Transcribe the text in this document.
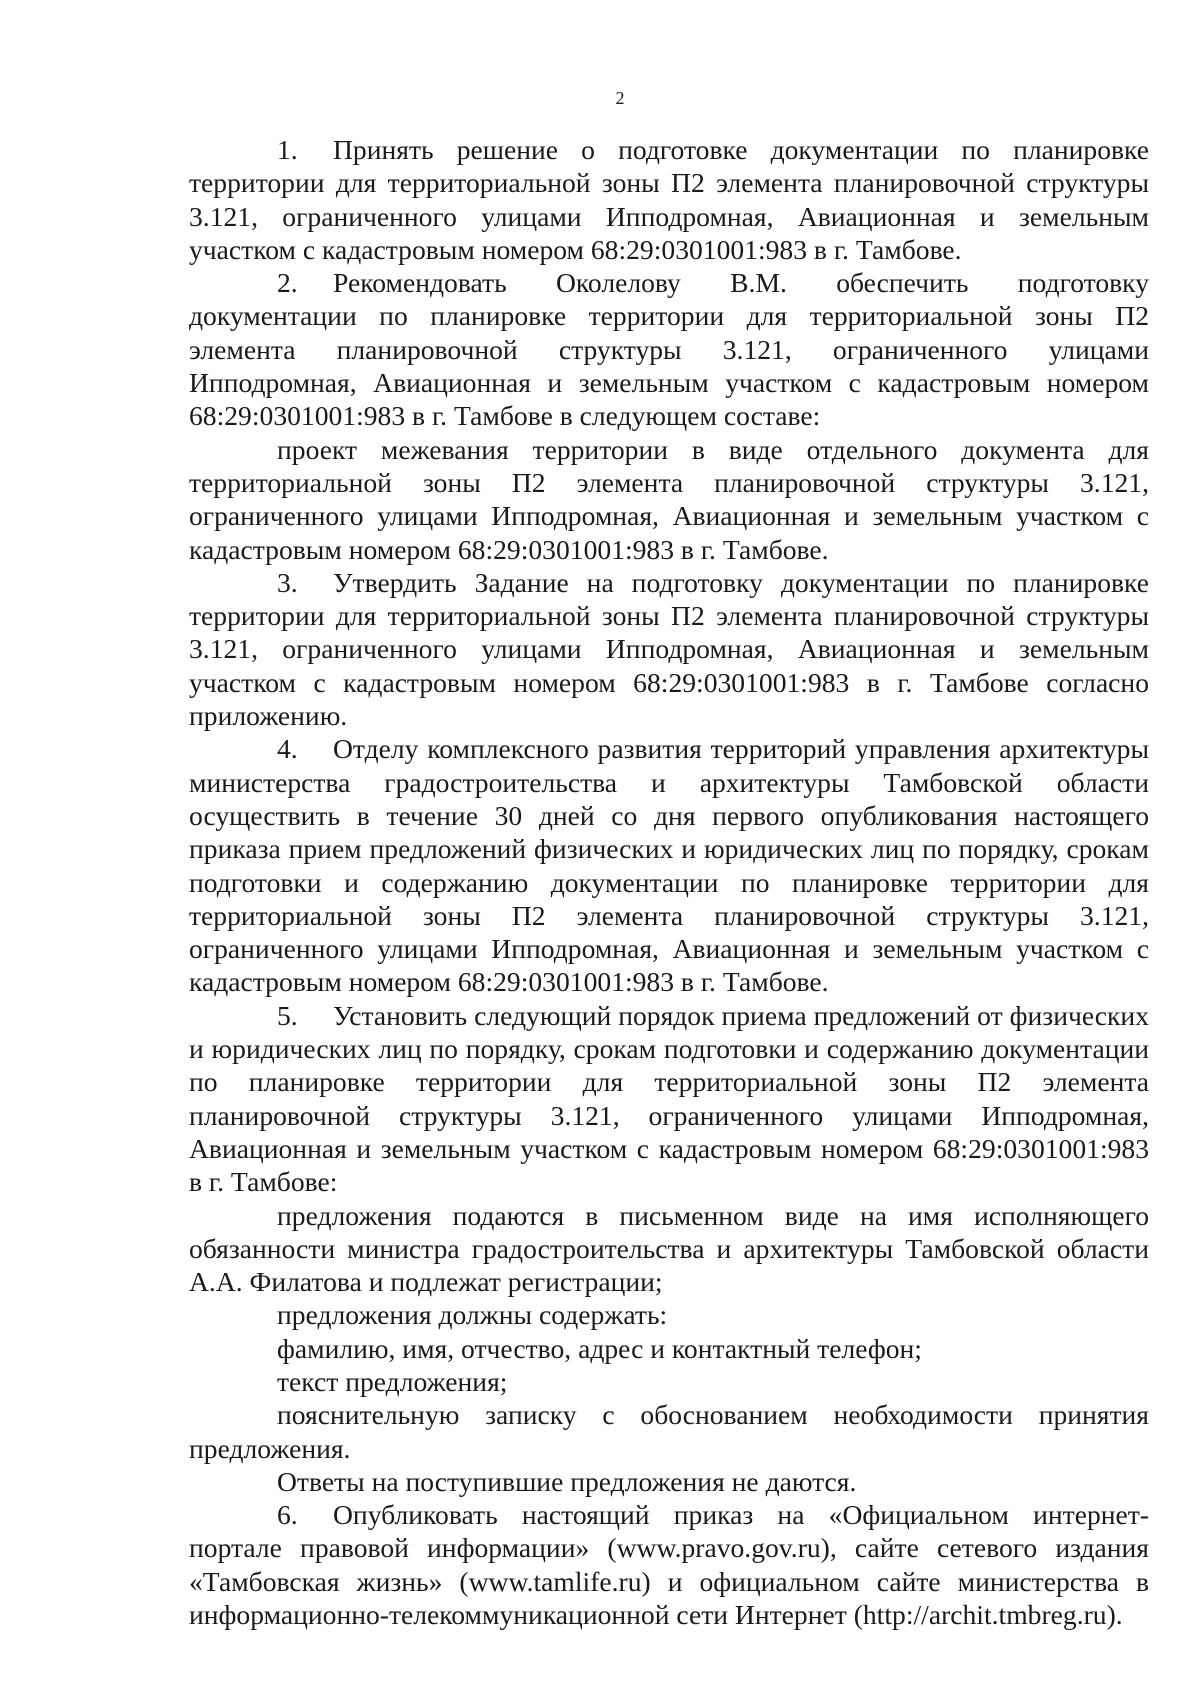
2

1. Принять решение о подготовке документации по планировке территории для территориальной зоны П2 элемента планировочной структуры 3.121, ограниченного улицами Ипподромная, Авиационная и земельным участком с кадастровым номером 68:29:0301001:983 в г. Тамбове.

2. Рекомендовать Околелову В.М. обеспечить подготовку документации по планировке территории для территориальной зоны П2 элемента планировочной структуры 3.121, ограниченного улицами Ипподромная, Авиационная и земельным участком с кадастровым номером 68:29:0301001:983 в г. Тамбове в следующем составе:

проект межевания территории в виде отдельного документа для территориальной зоны П2 элемента планировочной структуры 3.121, ограниченного улицами Ипподромная, Авиационная и земельным участком с кадастровым номером 68:29:0301001:983 в г. Тамбове.

3. Утвердить Задание на подготовку документации по планировке территории для территориальной зоны П2 элемента планировочной структуры 3.121, ограниченного улицами Ипподромная, Авиационная и земельным участком с кадастровым номером 68:29:0301001:983 в г. Тамбове согласно приложению.

4. Отделу комплексного развития территорий управления архитектуры министерства градостроительства и архитектуры Тамбовской области осуществить в течение 30 дней со дня первого опубликования настоящего приказа прием предложений физических и юридических лиц по порядку, срокам подготовки и содержанию документации по планировке территории для территориальной зоны П2 элемента планировочной структуры 3.121, ограниченного улицами Ипподромная, Авиационная и земельным участком с кадастровым номером 68:29:0301001:983 в г. Тамбове.

5. Установить следующий порядок приема предложений от физических и юридических лиц по порядку, срокам подготовки и содержанию документации по планировке территории для территориальной зоны П2 элемента планировочной структуры 3.121, ограниченного улицами Ипподромная, Авиационная и земельным участком с кадастровым номером 68:29:0301001:983 в г. Тамбове:

предложения подаются в письменном виде на имя исполняющего обязанности министра градостроительства и архитектуры Тамбовской области А.А. Филатова и подлежат регистрации;

предложения должны содержать:

фамилию, имя, отчество, адрес и контактный телефон;

текст предложения;

пояснительную записку с обоснованием необходимости принятия предложения.

Ответы на поступившие предложения не даются.

6. Опубликовать настоящий приказ на «Официальном интернет-портале правовой информации» (www.pravo.gov.ru), сайте сетевого издания «Тамбовская жизнь» (www.tamlife.ru) и официальном сайте министерства в информационно-телекоммуникационной сети Интернет (http://archit.tmbreg.ru).
